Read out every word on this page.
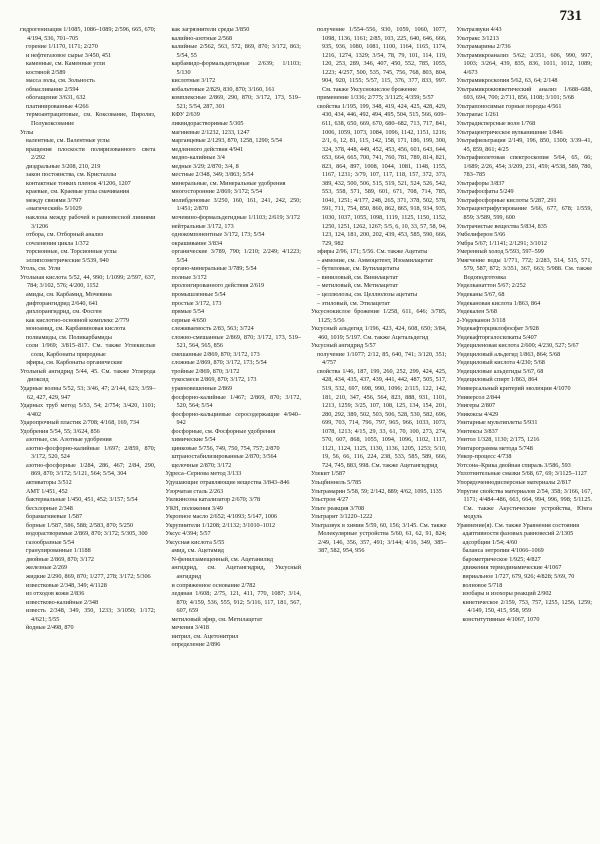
731

гидрогенизация 1/1085, 1086–1089; 2/596, 665, 670; 4/194, 536, 701–705

горение 1/1170, 1171; 2/270

и нефтегазовое сырье 3/450, 451

каменные, см. Каменные угли

костяной 2/589

масса золы, см. Зольность

обмасливание 2/594

обогащение 3/631, 632

платинированные 4/266

термоантрацитовые, см. Коксование, Пиролиз, Полукоксование

Углы

валентные, см. Валентные углы

вращения плоскости поляризованного света 2/292

диэдральные 3/208, 210, 219

закон постоянства, см. Кристаллы

контактные тонких пленок 4/1206, 1207

краевые, см. Краевые углы смачивания

между связями 3/797

«магический» 5/1029

наклона между рабочей и равновесной линиями 3/1206

отбора, см. Отборный анализ

сочленения цикла 1/372

торсионные, см. Торсионные углы

эллипсометрические 5/539, 940

Уголь, см. Угли

Угольная кислота 5/52, 44, 990; 1/1099; 2/597, 637, 784; 3/102, 576; 4/200, 1152

амиды, см. Карбамид, Мочевина

дифторангидрид 2/640, 641

дихлорангидрид, см. Фосген

как кислотно-основной комплекс 2/779

моноамид, см. Карбаминовая кислота

полиамиды, см. Поликарбамиды

соли 1/969; 3/815–817. См. также Углекислые соли, Карбонаты природные

эфиры, см. Карбонаты органические

Угольный ангидрид 5/44, 45. См. также Углерода диоксид

Ударные волны 5/52, 53; 3/46, 47; 2/144, 623; 3/59–62, 427, 429, 947

Ударных труб метод 5/53, 54; 2/754; 3/420, 1101; 4/402

Ударопрочный пластик 2/708; 4/168, 169, 734

Удобрения 5/54, 55; 3/624, 856

азотные, см. Азотные удобрения

азотно-фосфорно-калийные 1/697; 2/859, 870; 3/172, 520, 524

азотно-фосфорные 1/284, 286, 467; 2/84, 290, 869, 870; 3/172; 5/121, 564; 5/54, 304

активаторы 3/512

АМТ 1/451, 452

бактериальные 1/450, 451, 452; 3/157; 5/54

бесхлорные 2/348

борамагниевые 1/587

борные 1/587, 586, 588; 2/583, 870; 5/250

водорастворимые 2/869, 870; 3/172; 5/305, 300

газообразные 5/54

гранулированные 1/1188

двойные 2/869, 870; 3/172

железные 2/269

жидкие 2/290, 869, 870; 1/277, 278; 3/172; 5/306

известковые 2/348, 349; 4/1128

из отходов кожи 2/836

известково-калийные 2/348

известь 2/348, 349, 350, 1233; 3/1050; 1/172; 4/621; 5/55

йодные 2/498, 870

как загрязнители среды 3/850

калийно-азотные 2/568

калийные 2/562, 563, 572, 869, 870; 3/172, 863; 5/54, 55

карбамидо-формальдегидные 2/639; 1/1103; 5/130

кислотные 3/172

кобальтовые 2/829, 830, 870; 3/160, 161

комплексные 2/869, 290, 870; 3/172, 173, 519–521; 5/54, 287, 301

КФУ 2/639

ликвидорастворимые 5/305

магниевые 2/1232, 1233, 1247

марганцевые 2/1293, 870, 1258, 1290; 5/54

медленного действия 4/941

медно-калийные 3/4

медные 3/29; 2/870; 3/4, 8

местные 2/348, 349; 3/863; 5/54

минеральные, см. Минеральные удобрения

многосторонние 2/869; 3/172; 5/54

молибденовые 3/250, 160, 161, 241, 242, 250; 1/451; 2/870

мочевино-формальдегидные 1/1103; 2/619; 3/172

нейтральные 3/172, 173

однокомпонентные 3/172, 173; 5/54

окрашивание 3/834

органические 3/789, 790; 1/210; 2/249; 4/1223; 5/54

органо-минеральные 3/789; 5/54

полные 3/172

пролонгированного действия 2/619

промышленные 5/54

простые 3/172, 173

прямые 5/54

серные 4/650

слеживаемость 2/83, 563; 3/724

сложно-смешанные 2/869, 870; 3/172, 173, 519–521, 564, 565, 856

смешанные 2/869, 870; 3/172, 173

сложные 2/869, 870; 3/172, 173; 5/54

тройные 2/869, 870; 3/172

тукосмеси 2/869, 870; 3/172, 173

уравновешенные 2/869

фосфорно-калийные 1/467; 2/869, 870; 3/172, 520, 564; 5/54

фосфорно-кальциевые серосодержащие 4/940–942

фосфорные, см. Фосфорные удобрения

химические 5/54

цинковые 5/756, 749, 750, 754, 757; 2/870

штраностабилизированные 2/870; 3/564

щелочные 2/870; 3/172

Удреса–Сернова метод 3/133

Удушающие отравляющие вещества 3/843–846

Узорчатая сталь 2/263

Уилкинсона катализатор 2/670; 3/78

УКН, положения 3/49

Укропное масло 2/652; 4/1093; 5/147, 1006

Укрупнители 1/1208; 2/1132; 3/1010–1012

Уксус 4/394; 5/57

Уксусная кислота 5/55

амид, см. Ацетамид

N-фенилзамещенный, см. Ацетанилид

ангидрид, см. Ацетангидрид, Уксусный ангидрид

и сопряженное основание 2/782

ледяная 1/608; 2/75, 121, 411, 770, 1087; 3/14, 870; 4/159, 536, 555, 912; 5/116, 117, 181, 567, 607, 659

метиловый эфир, см. Метилацетат

мечения 3/418

нитрил, см. Ацетонитрил

определение 2/896

получение 1/554–556, 930, 1059, 1060, 1077, 1098, 1136, 1161; 2/85, 103, 225, 640, 646, 666, 935, 936, 1080, 1081, 1100, 1164, 1165, 1174, 1216, 1274, 1329; 3/54, 78, 79, 101, 114, 119, 120, 253, 289, 346, 407, 450, 552, 785, 1055, 1223; 4/257, 500, 535, 745, 756, 768, 803, 804, 904, 920, 1155; 5/57, 115, 376, 377, 833, 997. См. также Уксуснокислое брожение

применение 1/336; 2/775; 3/1125; 4/359; 5/57

свойства 1/195, 199, 348, 419, 424, 425, 428, 429, 430, 434, 446, 492, 494, 495, 504, 515, 566, 609–611, 638, 650, 669, 670, 680–682, 713, 717, 841, 1006, 1059, 1073, 1084, 1096, 1142, 1151, 1216; 2/1, 6, 12, 81, 115, 142, 158, 171, 186, 199, 300, 324, 378, 448, 449, 452, 453, 456, 601, 643, 644, 653, 664, 665, 700, 741, 760, 781, 789, 814, 821, 823, 864, 897, 1008, 1044, 1081, 1148, 1155, 1167, 1231; 3/79, 107, 117, 118, 157, 372, 373, 389, 432, 500, 506, 515, 519, 521, 524, 526, 542, 553, 558, 571, 589, 601, 671, 708, 714, 785, 1041, 1251; 4/177, 248, 265, 371, 378, 502, 578, 591, 711, 754, 850, 860, 862, 865, 918, 934, 935, 1030, 1037, 1055, 1098, 1119, 1125, 1150, 1152, 1250, 1251, 1262, 1267; 5/5, 6, 10, 33, 57, 58, 94, 123, 124, 181, 200, 202, 439, 453, 585, 590, 666, 729, 982

эфиры 2/96, 171; 5/56. См. также Ацетаты

– аммоние, см. Аммоцетент, Изоамилацетат

– бутиловые, см. Бутилацетаты

– виниловый, см. Винилацетат

– метиловый, см. Метилацетат

– целлюлозы, см. Целлюлозы ацетаты

– этиловый, см. Этилацетат

Уксуснокислое брожение 1/258, 611, 646; 3/785, 1125; 5/56

Уксусный альдегид 1/196, 423, 424, 608, 650; 3/84, 460, 1019; 5/197. См. также Ацетальдегид

Уксусный ангидрид 5/57

получение 1/1077; 2/12, 85, 640, 741; 3/120, 351; 4/757

свойства 1/46, 187, 199, 260, 252, 299, 424, 425, 428, 434, 435, 437, 439, 441, 442, 487, 505, 517, 519, 532, 697, 698, 990, 1096; 2/115, 122, 142, 181, 210, 347, 456, 564, 823, 888, 931, 1101, 1213, 1259; 3/25, 107, 108, 125, 134, 154, 201, 280, 292, 389, 502, 503, 506, 528, 530, 582, 696, 699, 703, 714, 796, 797, 965, 966, 1033, 1073, 1078, 1213; 4/15, 29, 33, 61, 70, 100, 273, 274, 570, 607, 868, 1055, 1094, 1096, 1102, 1117, 1121, 1124, 1125, 1130, 1136, 1205, 1253; 5/10, 19, 56, 66, 116, 224, 238, 533, 585, 589, 666, 724, 745, 883, 998. См. также Ацетангидрид

Улекит 1/587

Ульцбиннель 5/785

Ультрамарин 5/58, 59; 2/142, 889; 4/62, 1095, 1135

Ульстрон 4/27

Ульте реакция 3/708

Ультрарит 3/1220–1222

Ультразвук в химии 5/59, 60, 156; 3/145. См. также Молекулярные устройства 5/60, 61, 62, 91, 824; 2/49, 146, 356, 357, 491; 3/144; 4/16, 349, 385–387, 582, 954, 956

Ультразвуки 4/43

Ультракс 3/1213

Ультрамарины 2/736

Ультрамикроанализ 5/62; 2/351, 606, 990, 997, 1003; 3/264, 439, 835, 836, 1011, 1012, 1089; 4/673

Ультрамикроскопия 5/62, 63, 64; 2/148

Ультрамикрокювветический анализ 1/688–688, 693, 694, 700; 2/711, 856, 1108; 3/101; 5/68

Ультрапоносимые горные породы 4/561

Ультрапас 1/261

Ультрадисперсные волн 1/768

Ультрацентрическое вулканишние 1/846

Ультрафильтрация 2/149, 196, 850, 1300; 3/39–41, 45, 859, 861; 4/25

Ультрафиолетовая спектроскопия 5/64, 65, 66; 1/689; 2/26, 454; 3/209, 231, 459; 4/538, 589, 780, 783–785

Ультрафоры 3/837

Ультрафосфаты 5/249

Ультрафосфорные кислоты 5/287, 291

Ультрацентрифугирование 5/66, 677, 678; 1/559, 859; 3/589, 599, 600

Ультрачистые вещества 5/834, 835

Умбелиферон 5/66

Умбра 5/67; 1/1141; 2/1291; 3/1012

Умеренный холод 5/593, 597–599

Умягчение воды 1/771, 772; 2/283, 514, 515, 571, 579, 587, 872; 3/351, 367, 663; 5/988. См. также Водоподготовка

Унделканаттон 5/67; 2/252

Ундеканы 5/67, 68

Ундекановая кислота 1/863, 864

Ундекален 5/68

2-Ундеканон 3/118

Ундекафторциклофосфат 3/928

Ундекафторгалосилкаты 5/407

Ундециленовая кислота 2/600; 4/230, 527; 5/67

Ундециловый альдегид 1/863, 864; 5/68

Ундециловый кислота 4/230; 5/68

Ундециловые альдегиды 5/67, 68

Ундециловый спирт 1/863, 864

Универсальный критерий эволюции 4/1070

Универсол 2/844

Унигеры 2/807

Уникоксы 4/429

Унитарные мультиплеты 5/931

Унитексы 3/837

Унитол 1/328, 1130; 2/175, 1216

Унитарограмма метода 5/748

Ункор-процесс 4/738

Уотсона–Крика двойная спираль 3/586, 593

Уплотнительные смазки 5/68, 67, 69; 3/1125–1127

Упорядоченнодисперсные материалы 2/817

Упругие свойства материалов 2/54, 358; 3/166, 167, 1171; 4/484–486, 663, 664, 994, 996, 998; 5/1125. См. также Акустические устройства, Юнга модуль

Уравнение(я). См. также Уравнения состояния

адаптивности фазовых равновесий 2/1305

адсорбции 1/54; 4/60

баланса энтропии 4/1066–1069

барометрическое 1/925; 4/827

движения термодинамические 4/1067

вириальное 1/727, 679, 926; 4/828; 5/69, 70

волновое 5/718

изобары и изохоры реакций 2/902

кинетическое 2/159, 753, 757, 1255, 1256, 1259; 4/149, 150, 415, 958, 959

конститутивные 4/1067, 1070
